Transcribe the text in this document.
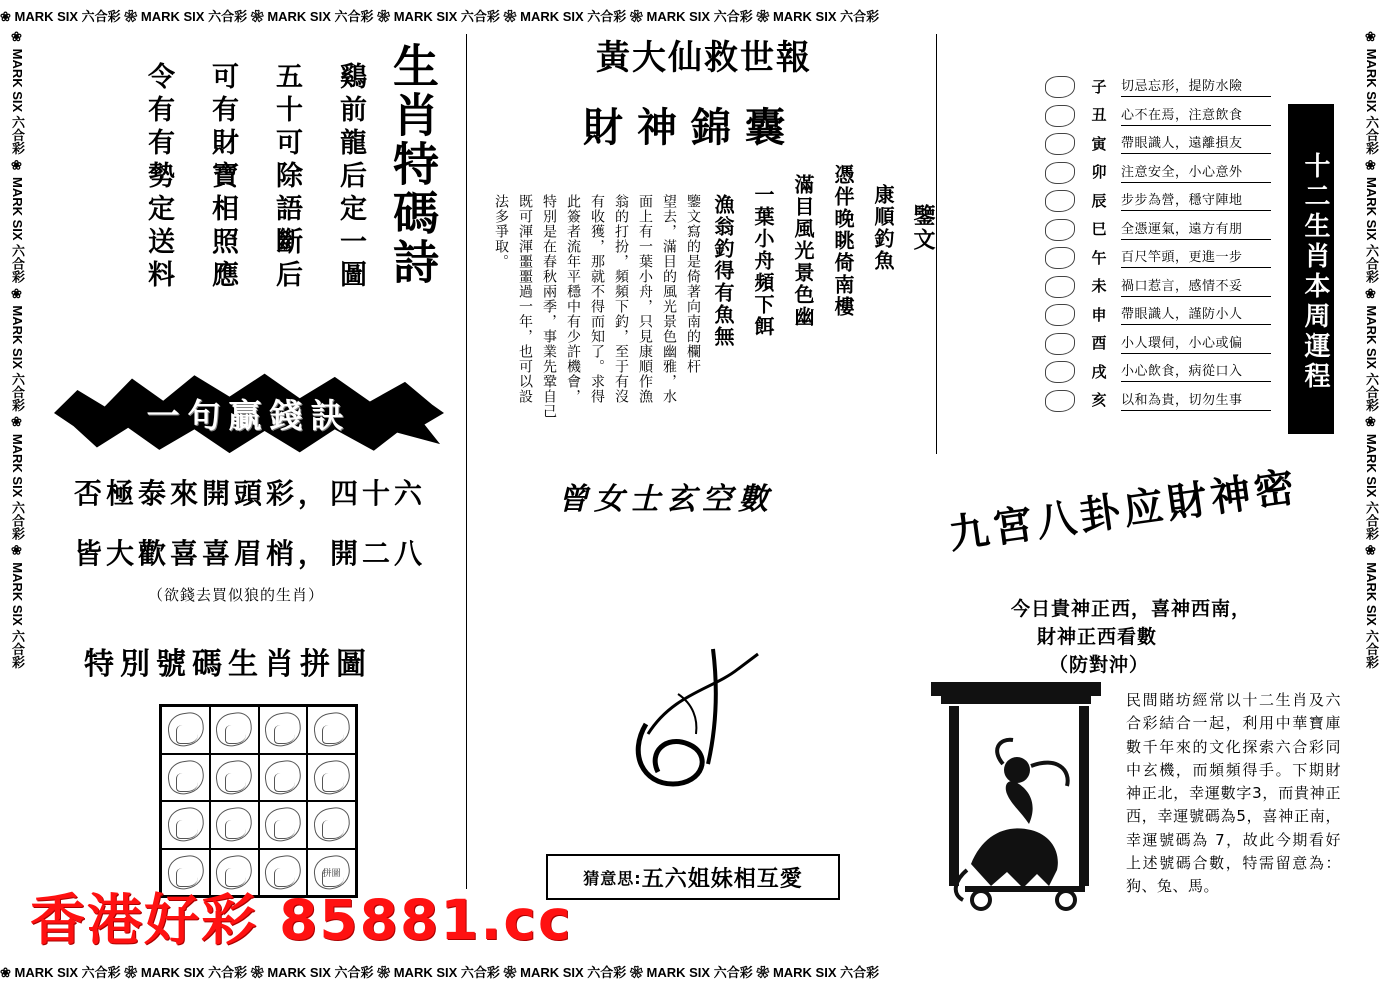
❀ MARK SIX 六合彩 ❀ MARK SIX 六合彩 ❀ MARK SIX 六合彩 ❀ MARK SIX 六合彩 ❀ MARK SIX 六合彩 ❀ MARK SIX 六合彩 ❀ MARK SIX 六合彩
❀ MARK SIX 六合彩 ❀ MARK SIX 六合彩 ❀ MARK SIX 六合彩 ❀ MARK SIX 六合彩 ❀ MARK SIX 六合彩 ❀ MARK SIX 六合彩 ❀ MARK SIX 六合彩
❀ MARK SIX 六合彩 ❀ MARK SIX 六合彩 ❀ MARK SIX 六合彩 ❀ MARK SIX 六合彩 ❀ MARK SIX 六合彩
❀ MARK SIX 六合彩 ❀ MARK SIX 六合彩 ❀ MARK SIX 六合彩 ❀ MARK SIX 六合彩 ❀ MARK SIX 六合彩
生肖特碼詩
鷄前龍后定一圖
五十可除語斷后
可有財寶相照應
令有有勢定送料
一句贏錢訣
否極泰來開頭彩，四十六
皆大歡喜喜眉梢，開二八
（欲錢去買似狼的生肖）
特別號碼生肖拼圖
拼圖
黃大仙救世報
財神錦囊
鑒文
康順釣魚
憑伴晚眺倚南樓
滿目風光景色幽
一葉小舟頻下餌
漁翁釣得有魚無
鑒文寫的是倚著向南的欄杆
望去，滿目的風光景色幽雅，水
面上有一葉小舟，只見康順作漁
翁的打扮，頻頻下釣，至于有沒
有收獲，那就不得而知了。求得
此簽者流年平穩中有少許機會，
特別是在春秋兩季，事業先鞏自己
既可渾渾噩噩過一年，也可以設
法多爭取。
曾女士玄空數
猜意思: 五六姐妹相互愛
十二生肖本周運程
子	切忌忘形，提防水險
丑	心不在焉，注意飲食
寅	帶眼識人，遠離損友
卯	注意安全，小心意外
辰	步步為營，穩守陣地
巳	全憑運氣，遠方有朋
午	百尺竿頭，更進一步
未	禍口惹言，感情不妥
申	帶眼識人，謹防小人
酉	小人環伺，小心或偏
戌	小心飲食，病從口入
亥	以和為貴，切勿生事
九宮八卦应財神密
今日貴神正西，喜神西南，
財神正西看數
（防對沖）
民間賭坊經常以十二生肖及六合彩結合一起，利用中華寶庫數千年來的文化探索六合彩同中玄機，而頻頻得手。下期財神正北，幸運數字3，而貴神正西，幸運號碼為5，喜神正南，幸運號碼為 7，故此今期看好上述號碼合數，特需留意為：狗、兔、馬。
香港好彩 85881.cc
